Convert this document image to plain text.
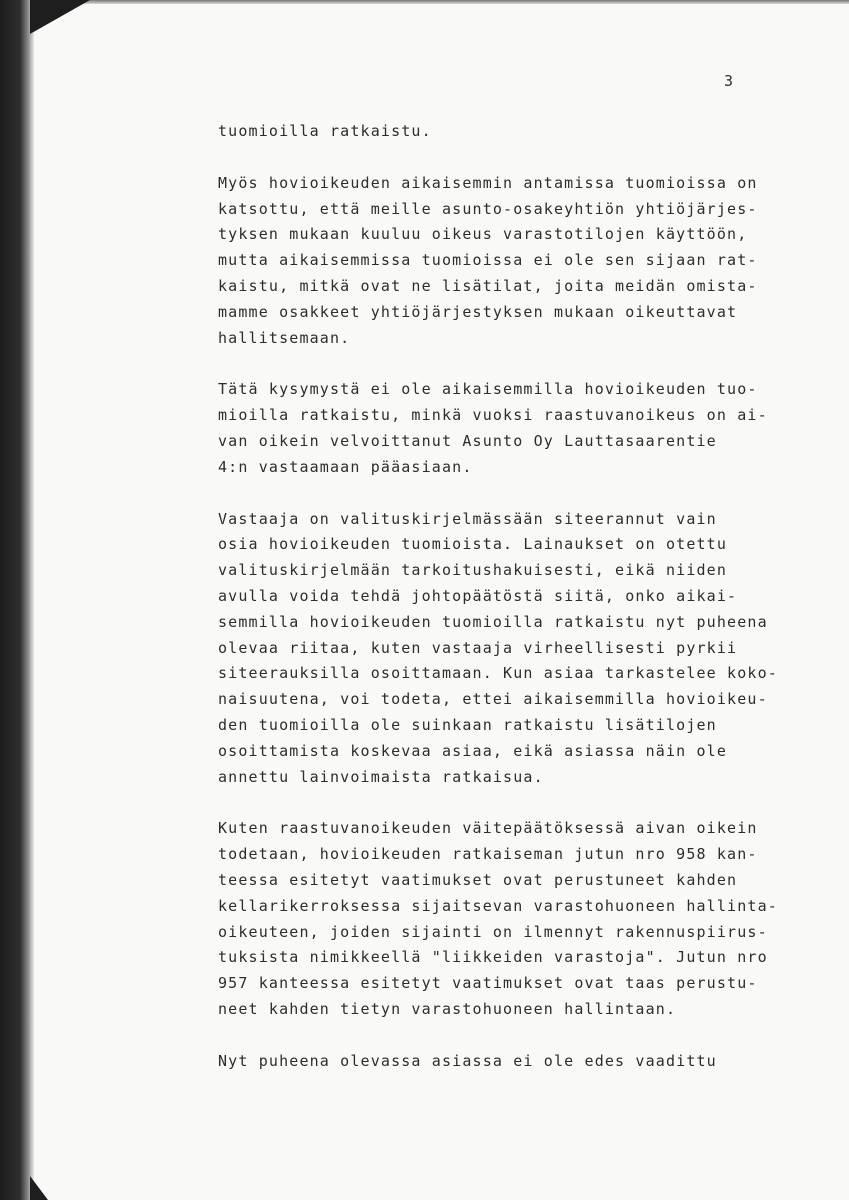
3
tuomioilla ratkaistu.
Myös hovioikeuden aikaisemmin antamissa tuomioissa on
katsottu, että meille asunto-osakeyhtiön yhtiöjärjes-
tyksen mukaan kuuluu oikeus varastotilojen käyttöön,
mutta aikaisemmissa tuomioissa ei ole sen sijaan rat-
kaistu, mitkä ovat ne lisätilat, joita meidän omista-
mamme osakkeet yhtiöjärjestyksen mukaan oikeuttavat
hallitsemaan.
Tätä kysymystä ei ole aikaisemmilla hovioikeuden tuo-
mioilla ratkaistu, minkä vuoksi raastuvanoikeus on ai-
van oikein velvoittanut Asunto Oy Lauttasaarentie
4:n vastaamaan pääasiaan.
Vastaaja on valituskirjelmässään siteerannut vain
osia hovioikeuden tuomioista. Lainaukset on otettu
valituskirjelmään tarkoitushakuisesti, eikä niiden
avulla voida tehdä johtopäätöstä siitä, onko aikai-
semmilla hovioikeuden tuomioilla ratkaistu nyt puheena
olevaa riitaa, kuten vastaaja virheellisesti pyrkii
siteerauksilla osoittamaan. Kun asiaa tarkastelee koko-
naisuutena, voi todeta, ettei aikaisemmilla hovioikeu-
den tuomioilla ole suinkaan ratkaistu lisätilojen
osoittamista koskevaa asiaa, eikä asiassa näin ole
annettu lainvoimaista ratkaisua.
Kuten raastuvanoikeuden väitepäätöksessä aivan oikein
todetaan, hovioikeuden ratkaiseman jutun nro 958 kan-
teessa esitetyt vaatimukset ovat perustuneet kahden
kellarikerroksessa sijaitsevan varastohuoneen hallinta-
oikeuteen, joiden sijainti on ilmennyt rakennuspiirus-
tuksista nimikkeellä "liikkeiden varastoja". Jutun nro
957 kanteessa esitetyt vaatimukset ovat taas perustu-
neet kahden tietyn varastohuoneen hallintaan.
Nyt puheena olevassa asiassa ei ole edes vaadittu
